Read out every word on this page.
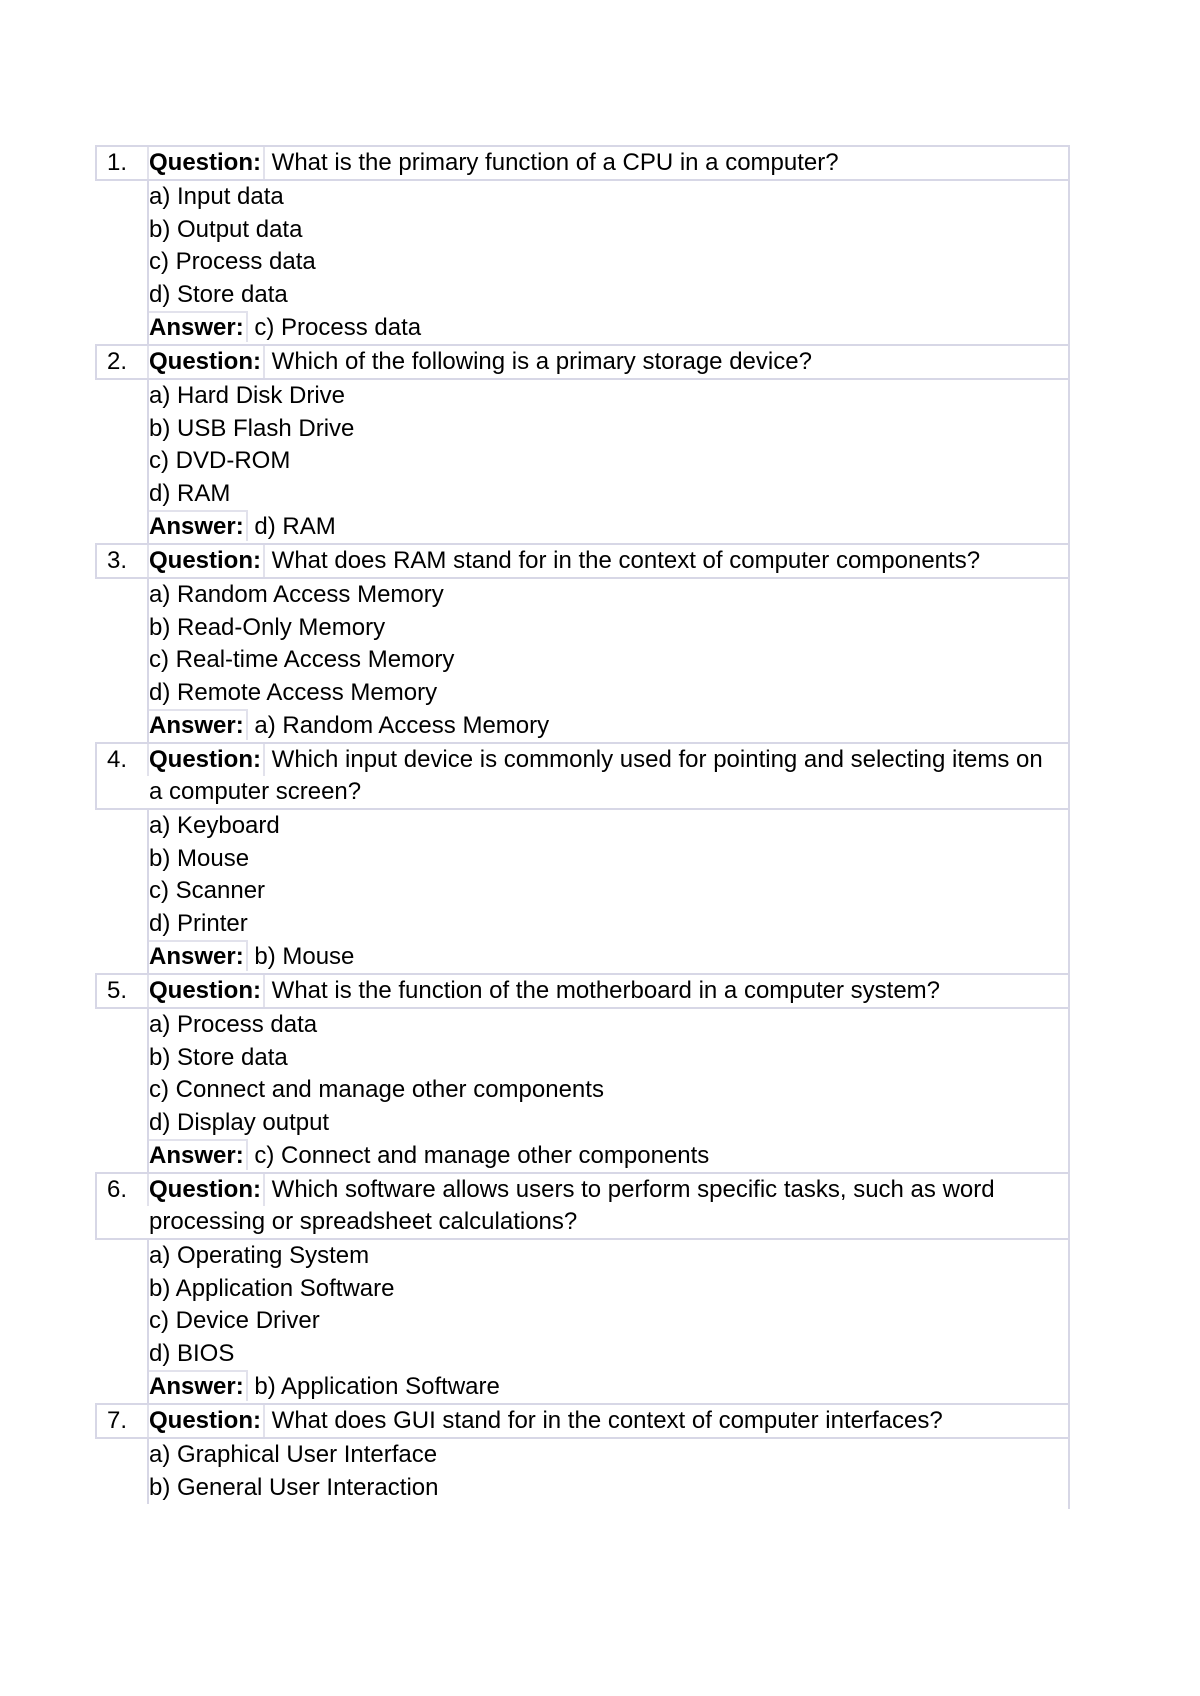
1. Question: What is the primary function of a CPU in a computer?
a) Input data
b) Output data
c) Process data
d) Store data
Answer: c) Process data
2. Question: Which of the following is a primary storage device?
a) Hard Disk Drive
b) USB Flash Drive
c) DVD-ROM
d) RAM
Answer: d) RAM
3. Question: What does RAM stand for in the context of computer components?
a) Random Access Memory
b) Read-Only Memory
c) Real-time Access Memory
d) Remote Access Memory
Answer: a) Random Access Memory
4. Question: Which input device is commonly used for pointing and selecting items on a computer screen?
a) Keyboard
b) Mouse
c) Scanner
d) Printer
Answer: b) Mouse
5. Question: What is the function of the motherboard in a computer system?
a) Process data
b) Store data
c) Connect and manage other components
d) Display output
Answer: c) Connect and manage other components
6. Question: Which software allows users to perform specific tasks, such as word processing or spreadsheet calculations?
a) Operating System
b) Application Software
c) Device Driver
d) BIOS
Answer: b) Application Software
7. Question: What does GUI stand for in the context of computer interfaces?
a) Graphical User Interface
b) General User Interaction
